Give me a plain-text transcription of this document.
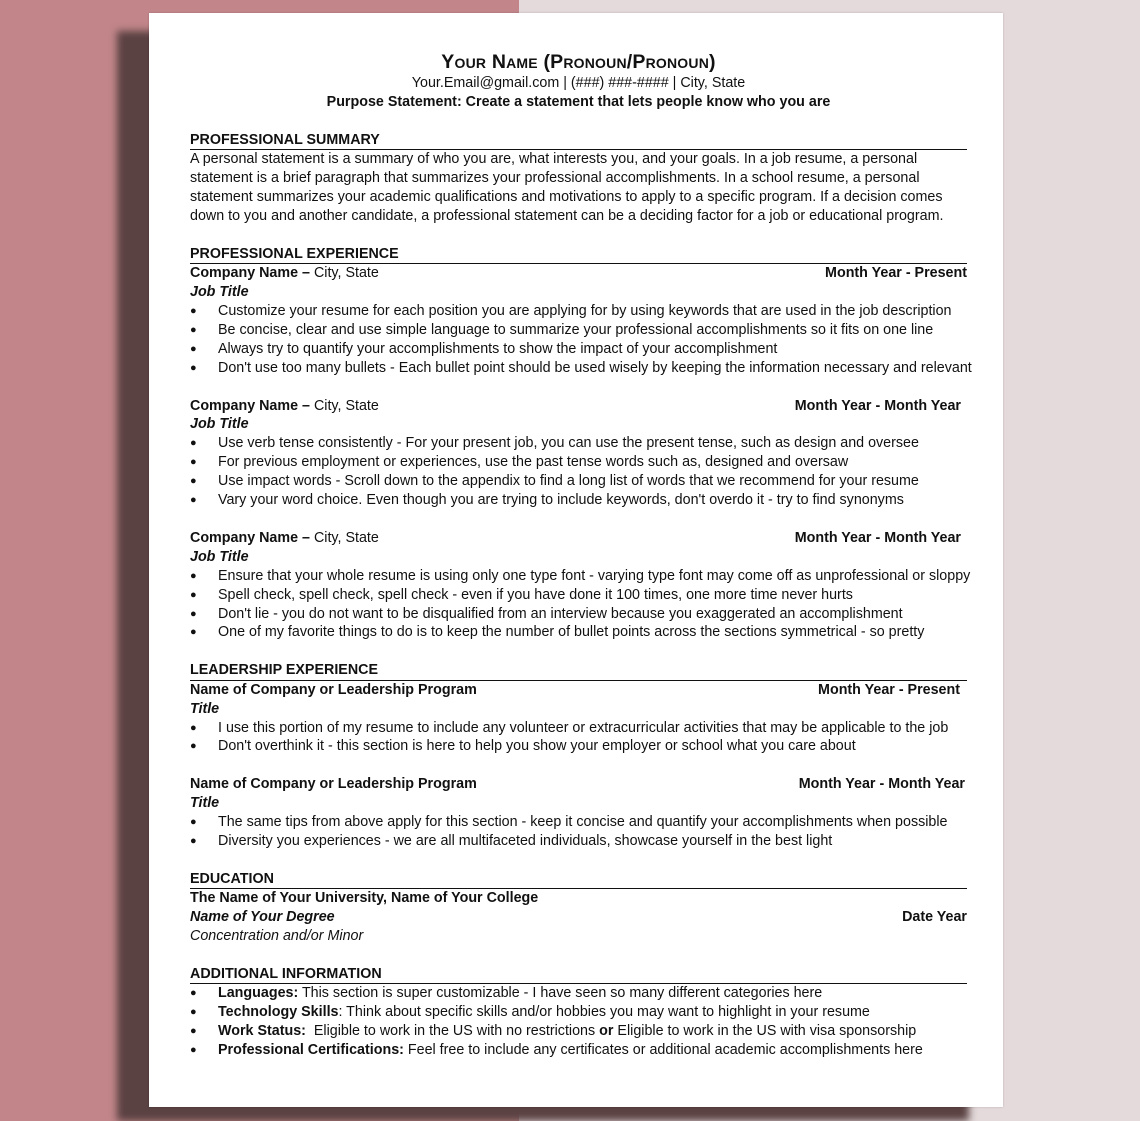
Your Name (Pronoun/Pronoun)
Your.Email@gmail.com | (###) ###-#### | City, State
Purpose Statement: Create a statement that lets people know who you are
PROFESSIONAL SUMMARY
A personal statement is a summary of who you are, what interests you, and your goals. In a job resume, a personal
statement is a brief paragraph that summarizes your professional accomplishments. In a school resume, a personal
statement summarizes your academic qualifications and motivations to apply to a specific program. If a decision comes
down to you and another candidate, a professional statement can be a deciding factor for a job or educational program.
PROFESSIONAL EXPERIENCE
Company Name – City, State	Month Year - Present
Job Title
● Customize your resume for each position you are applying for by using keywords that are used in the job description
● Be concise, clear and use simple language to summarize your professional accomplishments so it fits on one line
● Always try to quantify your accomplishments to show the impact of your accomplishment
● Don't use too many bullets - Each bullet point should be used wisely by keeping the information necessary and relevant
Company Name – City, State	Month Year - Month Year
Job Title
● Use verb tense consistently - For your present job, you can use the present tense, such as design and oversee
● For previous employment or experiences, use the past tense words such as, designed and oversaw
● Use impact words - Scroll down to the appendix to find a long list of words that we recommend for your resume
● Vary your word choice. Even though you are trying to include keywords, don't overdo it - try to find synonyms
Company Name – City, State	Month Year - Month Year
Job Title
● Ensure that your whole resume is using only one type font - varying type font may come off as unprofessional or sloppy
● Spell check, spell check, spell check - even if you have done it 100 times, one more time never hurts
● Don't lie - you do not want to be disqualified from an interview because you exaggerated an accomplishment
● One of my favorite things to do is to keep the number of bullet points across the sections symmetrical - so pretty
LEADERSHIP EXPERIENCE
Name of Company or Leadership Program	Month Year - Present
Title
● I use this portion of my resume to include any volunteer or extracurricular activities that may be applicable to the job
● Don't overthink it - this section is here to help you show your employer or school what you care about
Name of Company or Leadership Program	Month Year - Month Year
Title
● The same tips from above apply for this section - keep it concise and quantify your accomplishments when possible
● Diversity you experiences - we are all multifaceted individuals, showcase yourself in the best light
EDUCATION
The Name of Your University, Name of Your College
Name of Your Degree	Date Year
Concentration and/or Minor
ADDITIONAL INFORMATION
● Languages: This section is super customizable - I have seen so many different categories here
● Technology Skills: Think about specific skills and/or hobbies you may want to highlight in your resume
● Work Status:  Eligible to work in the US with no restrictions or Eligible to work in the US with visa sponsorship
● Professional Certifications: Feel free to include any certificates or additional academic accomplishments here
